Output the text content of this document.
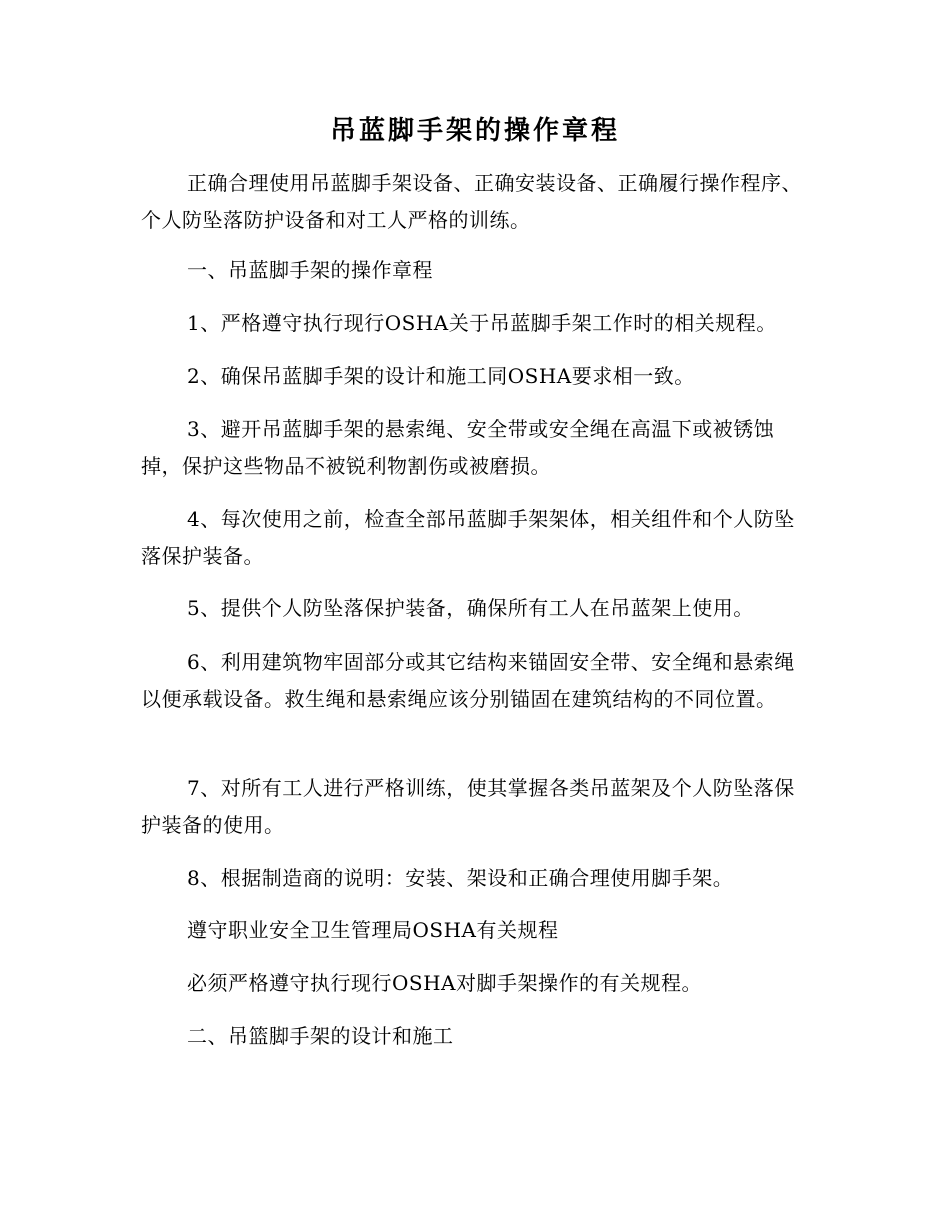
吊蓝脚手架的操作章程

正确合理使用吊蓝脚手架设备、正确安装设备、正确履行操作程序、个人防坠落防护设备和对工人严格的训练。

一、吊蓝脚手架的操作章程

1、严格遵守执行现行OSHA关于吊蓝脚手架工作时的相关规程。

2、确保吊蓝脚手架的设计和施工同OSHA要求相一致。

3、避开吊蓝脚手架的悬索绳、安全带或安全绳在高温下或被锈蚀掉，保护这些物品不被锐利物割伤或被磨损。

4、每次使用之前，检查全部吊蓝脚手架架体，相关组件和个人防坠落保护装备。

5、提供个人防坠落保护装备，确保所有工人在吊蓝架上使用。

6、利用建筑物牢固部分或其它结构来锚固安全带、安全绳和悬索绳以便承载设备。救生绳和悬索绳应该分别锚固在建筑结构的不同位置。

7、对所有工人进行严格训练，使其掌握各类吊蓝架及个人防坠落保护装备的使用。

8、根据制造商的说明：安装、架设和正确合理使用脚手架。

遵守职业安全卫生管理局OSHA有关规程

必须严格遵守执行现行OSHA对脚手架操作的有关规程。

二、吊篮脚手架的设计和施工
